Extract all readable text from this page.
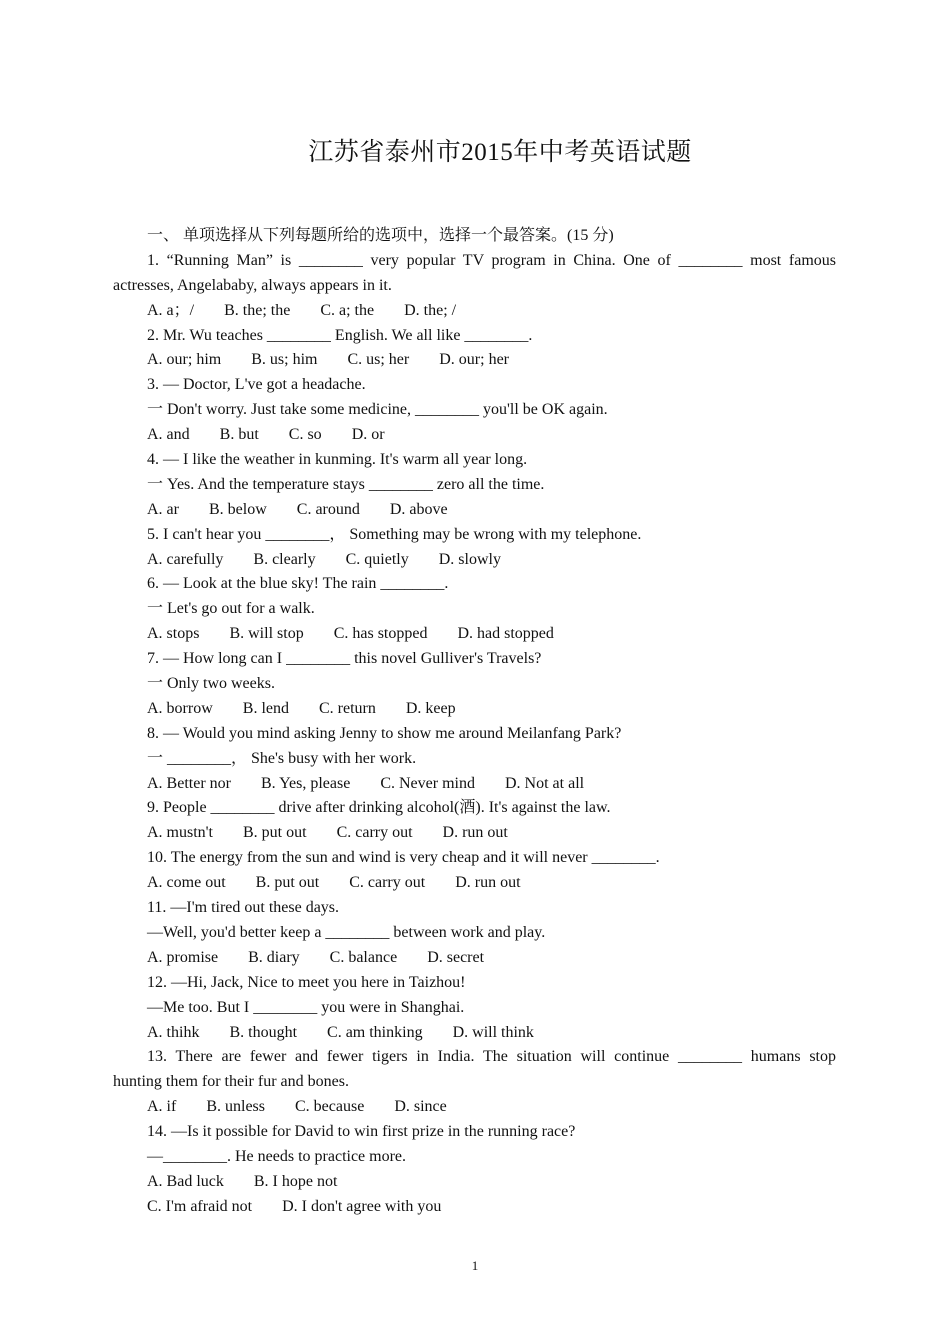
江苏省泰州市2015年中考英语试题
一、 单项选择从下列每题所给的选项中，选择一个最答案。(15 分)
1. “Running Man” is ________ very popular TV program in China. One of ________ most famous
actresses, Angelababy, always appears in it.
A. a；/ B. the; the C. a; the D. the; /
2. Mr. Wu teaches ________ English. We all like ________.
A. our; him B. us; him C. us; her D. our; her
3. — Doctor, L've got a headache.
一 Don't worry. Just take some medicine, ________ you'll be OK again.
A. and B. but C. so D. or
4. — I like the weather in kunming. It's warm all year long.
一 Yes. And the temperature stays ________ zero all the time.
A. ar B. below C. around D. above
5. I can't hear you ________， Something may be wrong with my telephone.
A. carefully B. clearly C. quietly D. slowly
6. — Look at the blue sky! The rain ________.
一 Let's go out for a walk.
A. stops B. will stop C. has stopped D. had stopped
7. — How long can I ________ this novel Gulliver's Travels?
一 Only two weeks.
A. borrow B. lend C. return D. keep
8. — Would you mind asking Jenny to show me around Meilanfang Park?
一 ________， She's busy with her work.
A. Better nor B. Yes, please C. Never mind D. Not at all
9. People ________ drive after drinking alcohol(酒). It's against the law.
A. mustn't B. put out C. carry out D. run out
10. The energy from the sun and wind is very cheap and it will never ________.
A. come out B. put out C. carry out D. run out
11. —I'm tired out these days.
—Well, you'd better keep a ________ between work and play.
A. promise B. diary C. balance D. secret
12. —Hi, Jack, Nice to meet you here in Taizhou!
—Me too. But I ________ you were in Shanghai.
A. thihk B. thought C. am thinking D. will think
13. There are fewer and fewer tigers in India. The situation will continue ________ humans stop
hunting them for their fur and bones.
A. if B. unless C. because D. since
14. —Is it possible for David to win first prize in the running race?
—________. He needs to practice more.
A. Bad luck B. I hope not
C. I'm afraid not D. I don't agree with you
1
